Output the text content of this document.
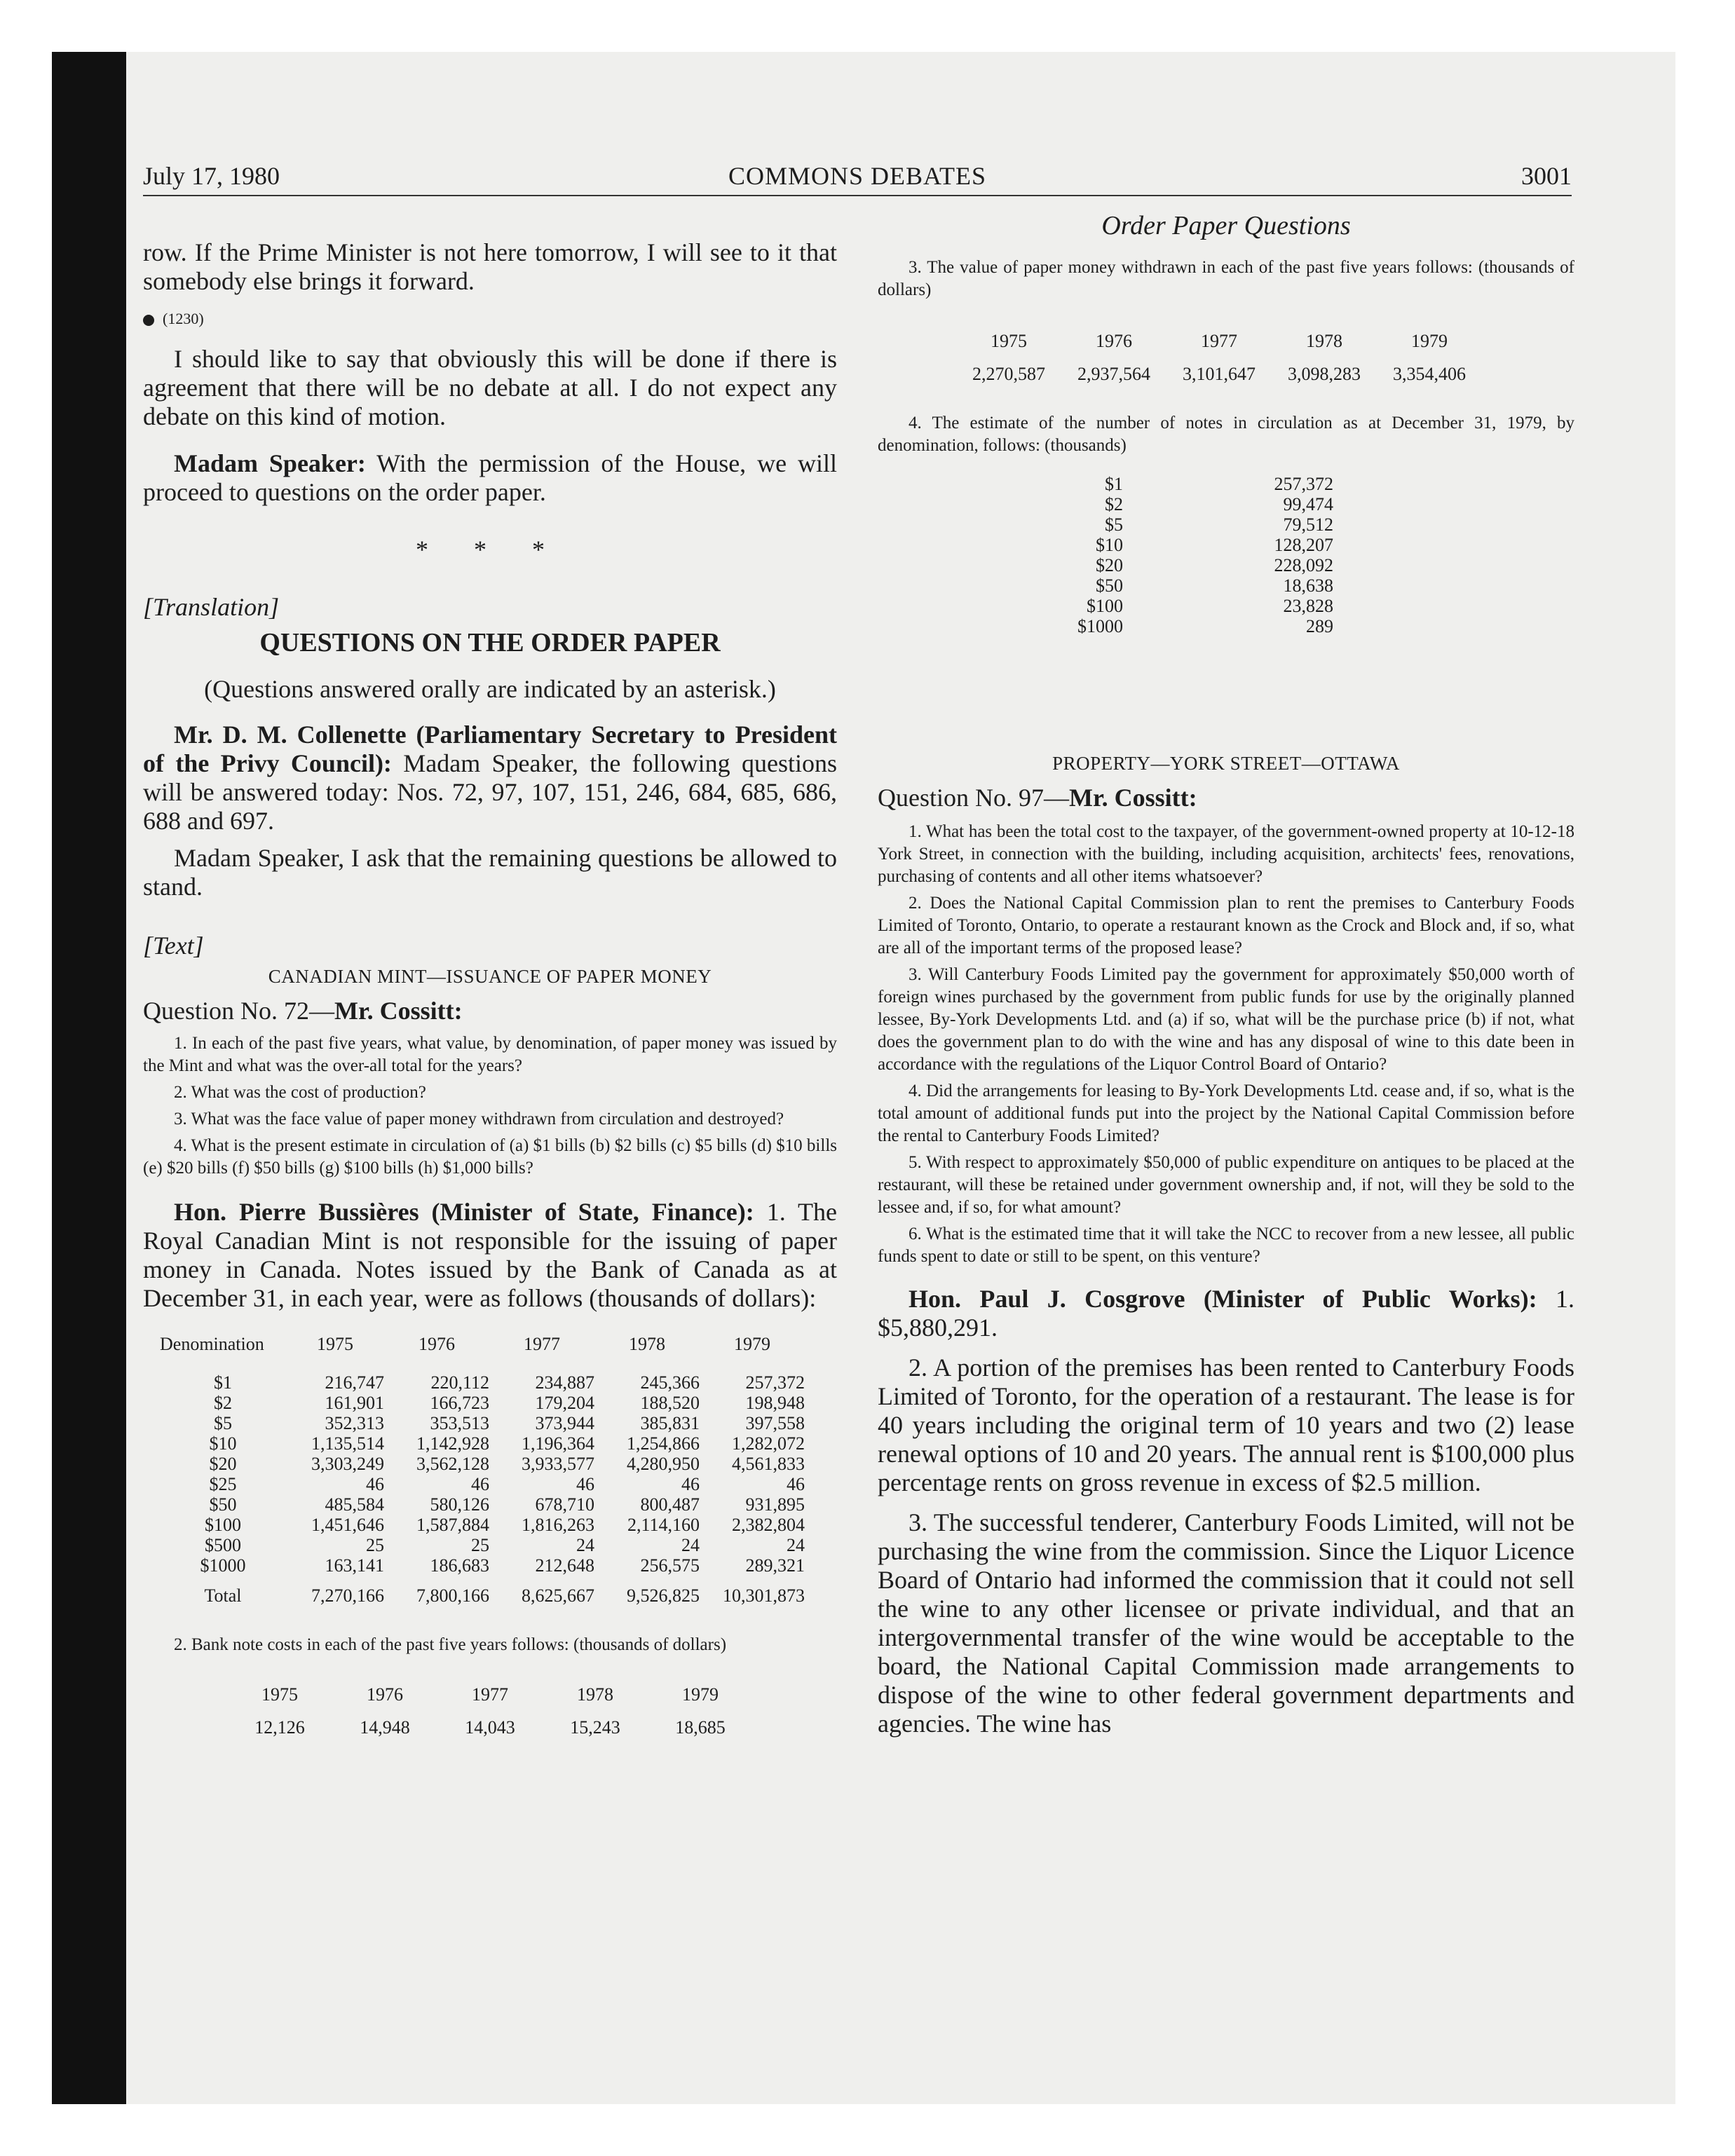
July 17, 1980	COMMONS DEBATES	3001

row. If the Prime Minister is not here tomorrow, I will see to it that somebody else brings it forward.

(1230)

I should like to say that obviously this will be done if there is agreement that there will be no debate at all. I do not expect any debate on this kind of motion.

Madam Speaker: With the permission of the House, we will proceed to questions on the order paper.

* * *
[Translation]
QUESTIONS ON THE ORDER PAPER

(Questions answered orally are indicated by an asterisk.)

Mr. D. M. Collenette (Parliamentary Secretary to President of the Privy Council): Madam Speaker, the following questions will be answered today: Nos. 72, 97, 107, 151, 246, 684, 685, 686, 688 and 697.

Madam Speaker, I ask that the remaining questions be allowed to stand.

[Text]
CANADIAN MINT—ISSUANCE OF PAPER MONEY
Question No. 72—Mr. Cossitt:

1. In each of the past five years, what value, by denomination, of paper money was issued by the Mint and what was the over-all total for the years?

2. What was the cost of production?

3. What was the face value of paper money withdrawn from circulation and destroyed?

4. What is the present estimate in circulation of (a) $1 bills (b) $2 bills (c) $5 bills (d) $10 bills (e) $20 bills (f) $50 bills (g) $100 bills (h) $1,000 bills?

Hon. Pierre Bussières (Minister of State, Finance): 1. The Royal Canadian Mint is not responsible for the issuing of paper money in Canada. Notes issued by the Bank of Canada as at December 31, in each year, were as follows (thousands of dollars):

Denomination	1975	1976	1977	1978	1979

$1	216,747	220,112	234,887	245,366	257,372
$2	161,901	166,723	179,204	188,520	198,948
$5	352,313	353,513	373,944	385,831	397,558
$10	1,135,514	1,142,928	1,196,364	1,254,866	1,282,072
$20	3,303,249	3,562,128	3,933,577	4,280,950	4,561,833
$25	46	46	46	46	46
$50	485,584	580,126	678,710	800,487	931,895
$100	1,451,646	1,587,884	1,816,263	2,114,160	2,382,804
$500	25	25	24	24	24
$1000	163,141	186,683	212,648	256,575	289,321

Total	7,270,166	7,800,166	8,625,667	9,526,825	10,301,873

2. Bank note costs in each of the past five years follows: (thousands of dollars)

1975	1976	1977	1978	1979

12,126	14,948	14,043	15,243	18,685
Order Paper Questions

3. The value of paper money withdrawn in each of the past five years follows: (thousands of dollars)

1975	1976	1977	1978	1979

2,270,587	2,937,564	3,101,647	3,098,283	3,354,406

4. The estimate of the number of notes in circulation as at December 31, 1979, by denomination, follows: (thousands)

$1	257,372
$2	99,474
$5	79,512
$10	128,207
$20	228,092
$50	18,638
$100	23,828
$1000	289
PROPERTY—YORK STREET—OTTAWA
Question No. 97—Mr. Cossitt:

1. What has been the total cost to the taxpayer, of the government-owned property at 10-12-18 York Street, in connection with the building, including acquisition, architects' fees, renovations, purchasing of contents and all other items whatsoever?

2. Does the National Capital Commission plan to rent the premises to Canterbury Foods Limited of Toronto, Ontario, to operate a restaurant known as the Crock and Block and, if so, what are all of the important terms of the proposed lease?

3. Will Canterbury Foods Limited pay the government for approximately $50,000 worth of foreign wines purchased by the government from public funds for use by the originally planned lessee, By-York Developments Ltd. and (a) if so, what will be the purchase price (b) if not, what does the government plan to do with the wine and has any disposal of wine to this date been in accordance with the regulations of the Liquor Control Board of Ontario?

4. Did the arrangements for leasing to By-York Developments Ltd. cease and, if so, what is the total amount of additional funds put into the project by the National Capital Commission before the rental to Canterbury Foods Limited?

5. With respect to approximately $50,000 of public expenditure on antiques to be placed at the restaurant, will these be retained under government ownership and, if not, will they be sold to the lessee and, if so, for what amount?

6. What is the estimated time that it will take the NCC to recover from a new lessee, all public funds spent to date or still to be spent, on this venture?

Hon. Paul J. Cosgrove (Minister of Public Works): 1. $5,880,291.

2. A portion of the premises has been rented to Canterbury Foods Limited of Toronto, for the operation of a restaurant. The lease is for 40 years including the original term of 10 years and two (2) lease renewal options of 10 and 20 years. The annual rent is $100,000 plus percentage rents on gross revenue in excess of $2.5 million.

3. The successful tenderer, Canterbury Foods Limited, will not be purchasing the wine from the commission. Since the Liquor Licence Board of Ontario had informed the commission that it could not sell the wine to any other licensee or private individual, and that an intergovernmental transfer of the wine would be acceptable to the board, the National Capital Commission made arrangements to dispose of the wine to other federal government departments and agencies. The wine has
